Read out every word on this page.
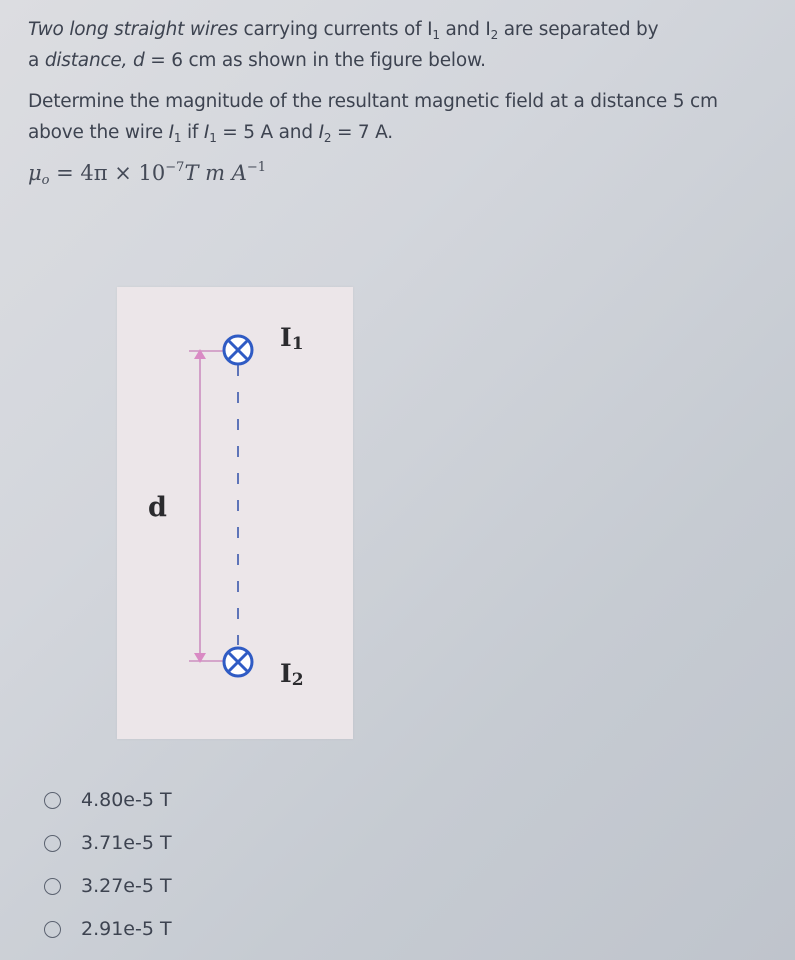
Two long straight wires carrying currents of $I_1$ and $I_2$ are separated by
a distance, d = 6 cm as shown in the figure below.
Determine the magnitude of the resultant magnetic field at a distance 5 cm
above the wire $I_1$ if $I_1 = 5$ A and $I_2 = 7$ A.
$\mu_o = 4\pi \times 10^{-7}T$ m $A^{-1}$
$I_1$
$I_2$
d
4.80e-5 T
3.71e-5 T
3.27e-5 T
2.91e-5 T
